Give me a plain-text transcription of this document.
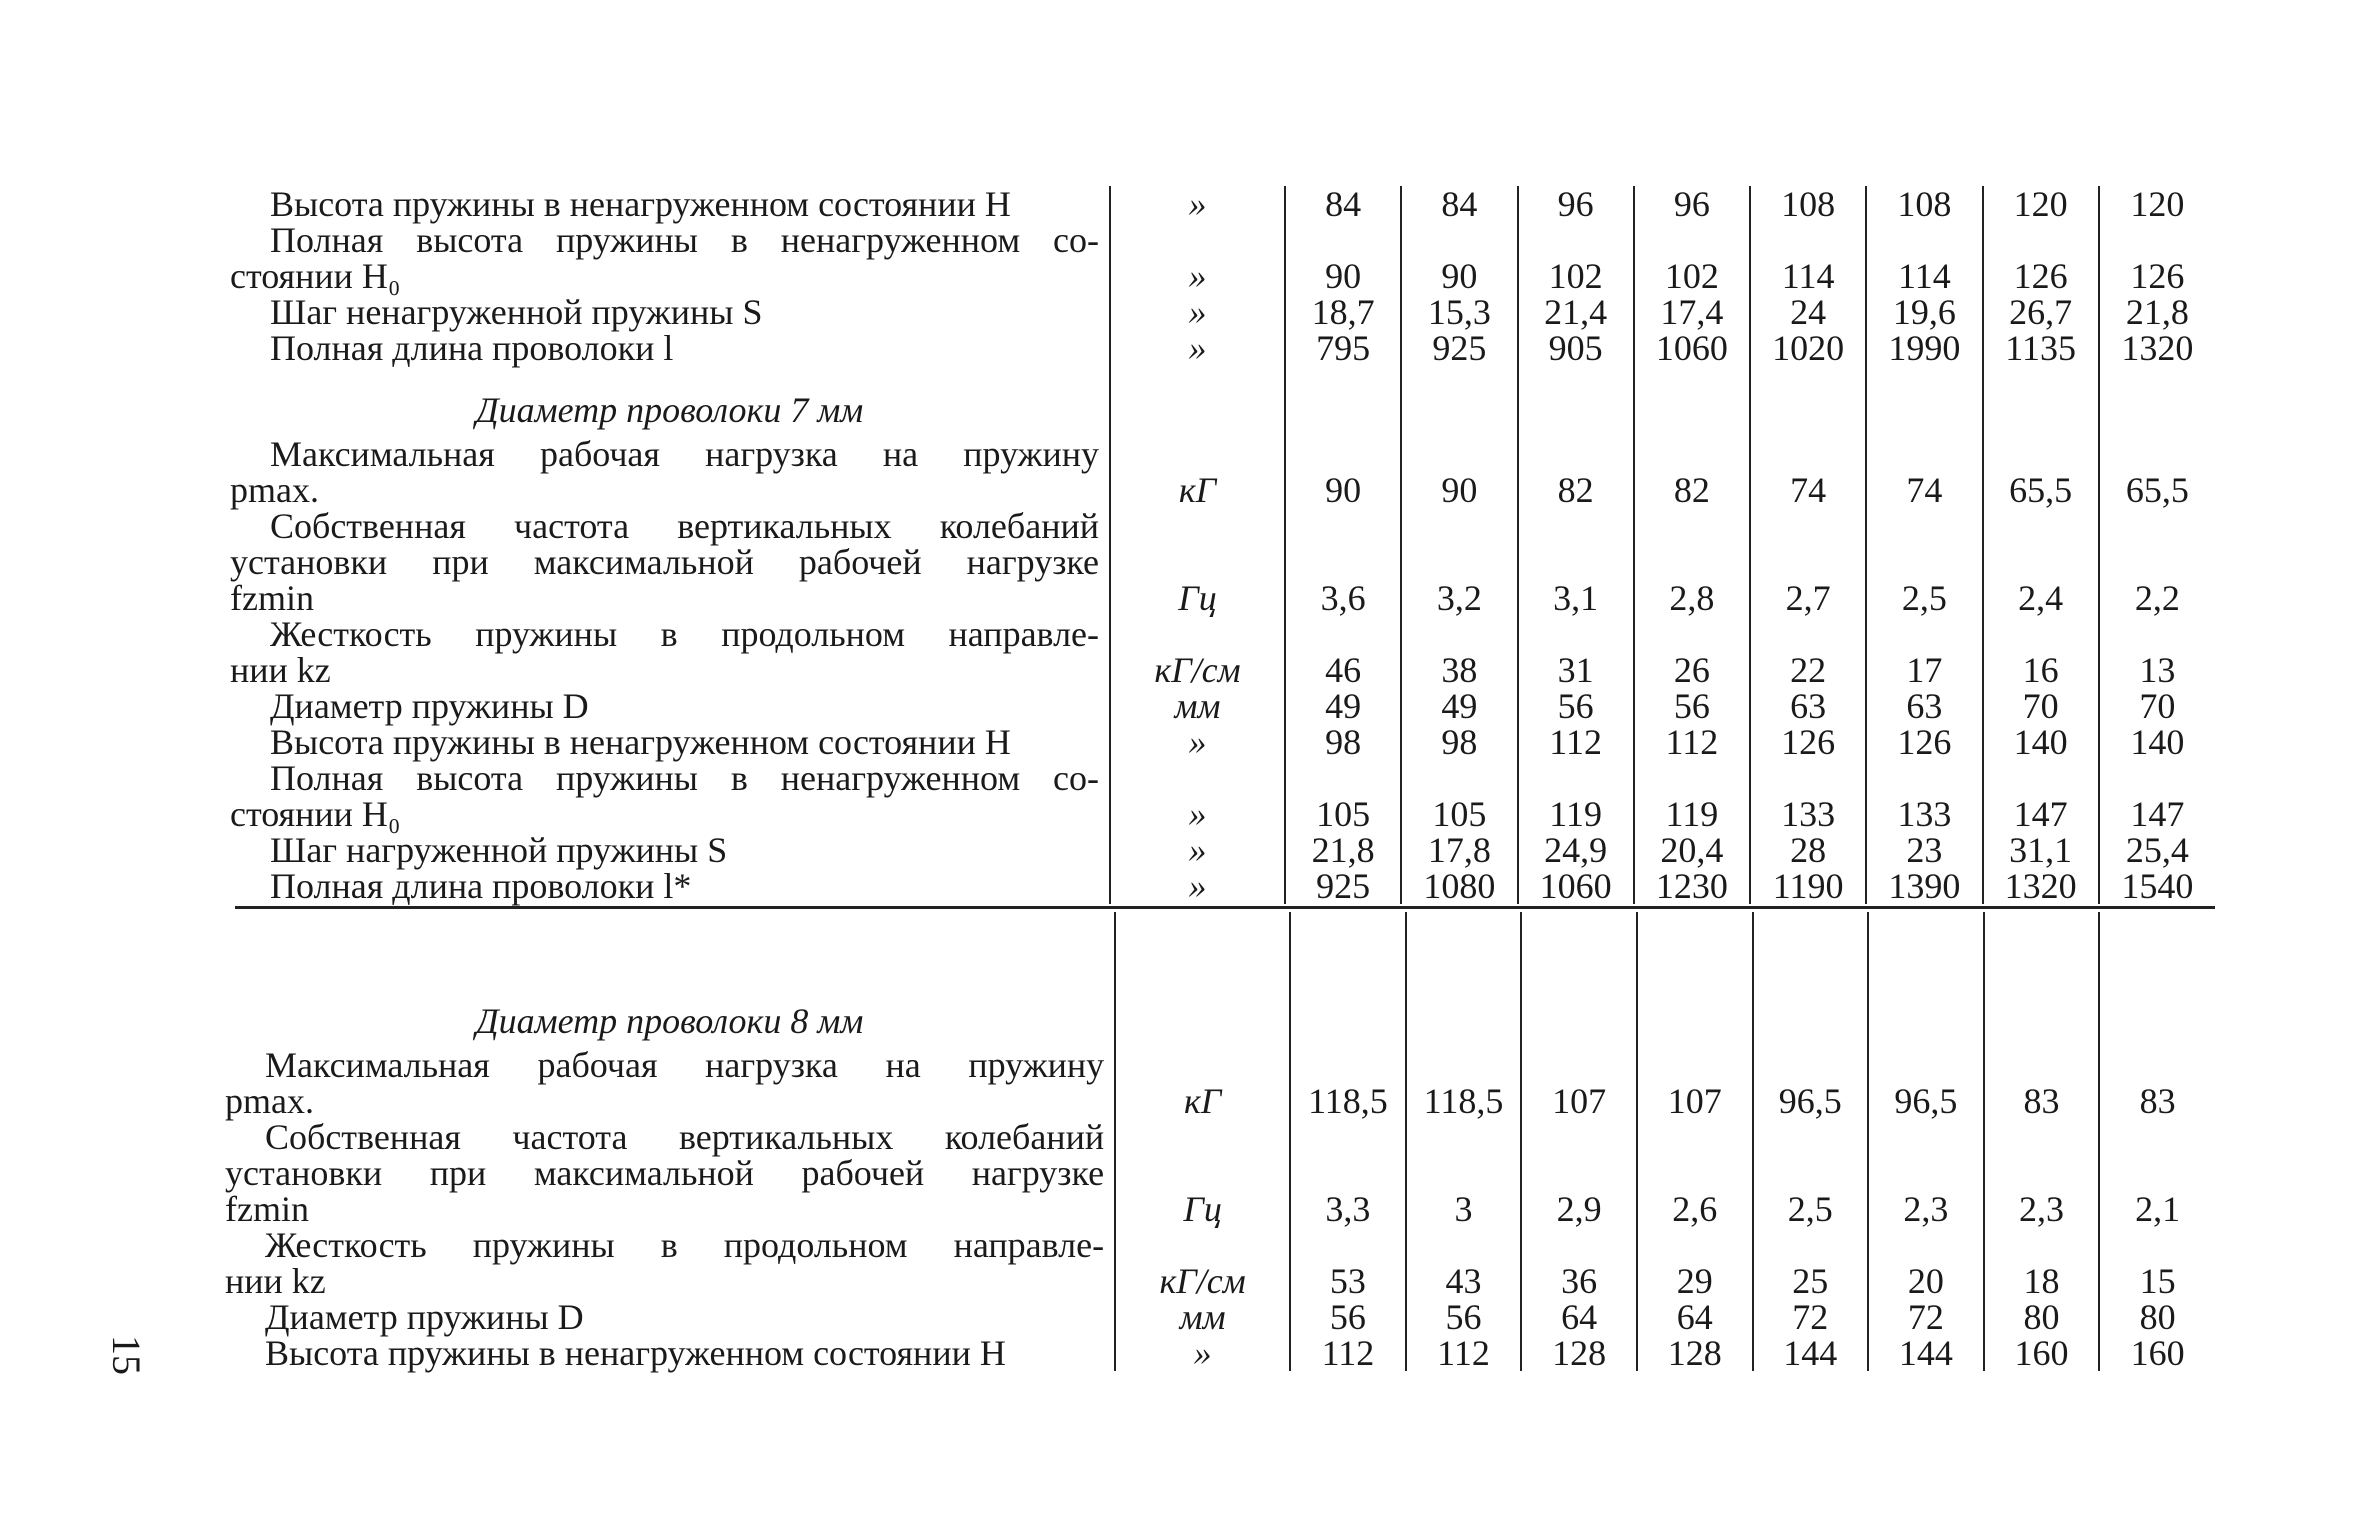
Высота пружины в ненагруженном состоянии H	»	84	84	96	96	108	108	120	120
Полная высота пружины в ненагруженном со-									
стоянии H₀	»	90	90	102	102	114	114	126	126
Шаг ненагруженной пружины S	»	18,7	15,3	21,4	17,4	24	19,6	26,7	21,8
Полная длина проволоки l	»	795	925	905	1060	1020	1990	1135	1320
Диаметр проволоки 7 мм									
Максимальная рабочая нагрузка на пружину									
pmax.	кГ	90	90	82	82	74	74	65,5	65,5
Собственная частота вертикальных колебаний									
установки при максимальной рабочей нагрузке									
fzmin	Гц	3,6	3,2	3,1	2,8	2,7	2,5	2,4	2,2
Жесткость пружины в продольном направле-									
нии kz	кГ/см	46	38	31	26	22	17	16	13
Диаметр пружины D	мм	49	49	56	56	63	63	70	70
Высота пружины в ненагруженном состоянии H	»	98	98	112	112	126	126	140	140
Полная высота пружины в ненагруженном со-									
стоянии H₀	»	105	105	119	119	133	133	147	147
Шаг нагруженной пружины S	»	21,8	17,8	24,9	20,4	28	23	31,1	25,4
Полная длина проволоки l*	»	925	1080	1060	1230	1190	1390	1320	1540
Диаметр проволоки 8 мм									
Максимальная рабочая нагрузка на пружину									
pmax.	кГ	118,5	118,5	107	107	96,5	96,5	83	83
Собственная частота вертикальных колебаний									
установки при максимальной рабочей нагрузке									
fzmin	Гц	3,3	3	2,9	2,6	2,5	2,3	2,3	2,1
Жесткость пружины в продольном направле-									
нии kz	кГ/см	53	43	36	29	25	20	18	15
Диаметр пружины D	мм	56	56	64	64	72	72	80	80
Высота пружины в ненагруженном состоянии H	»	112	112	128	128	144	144	160	160
15
